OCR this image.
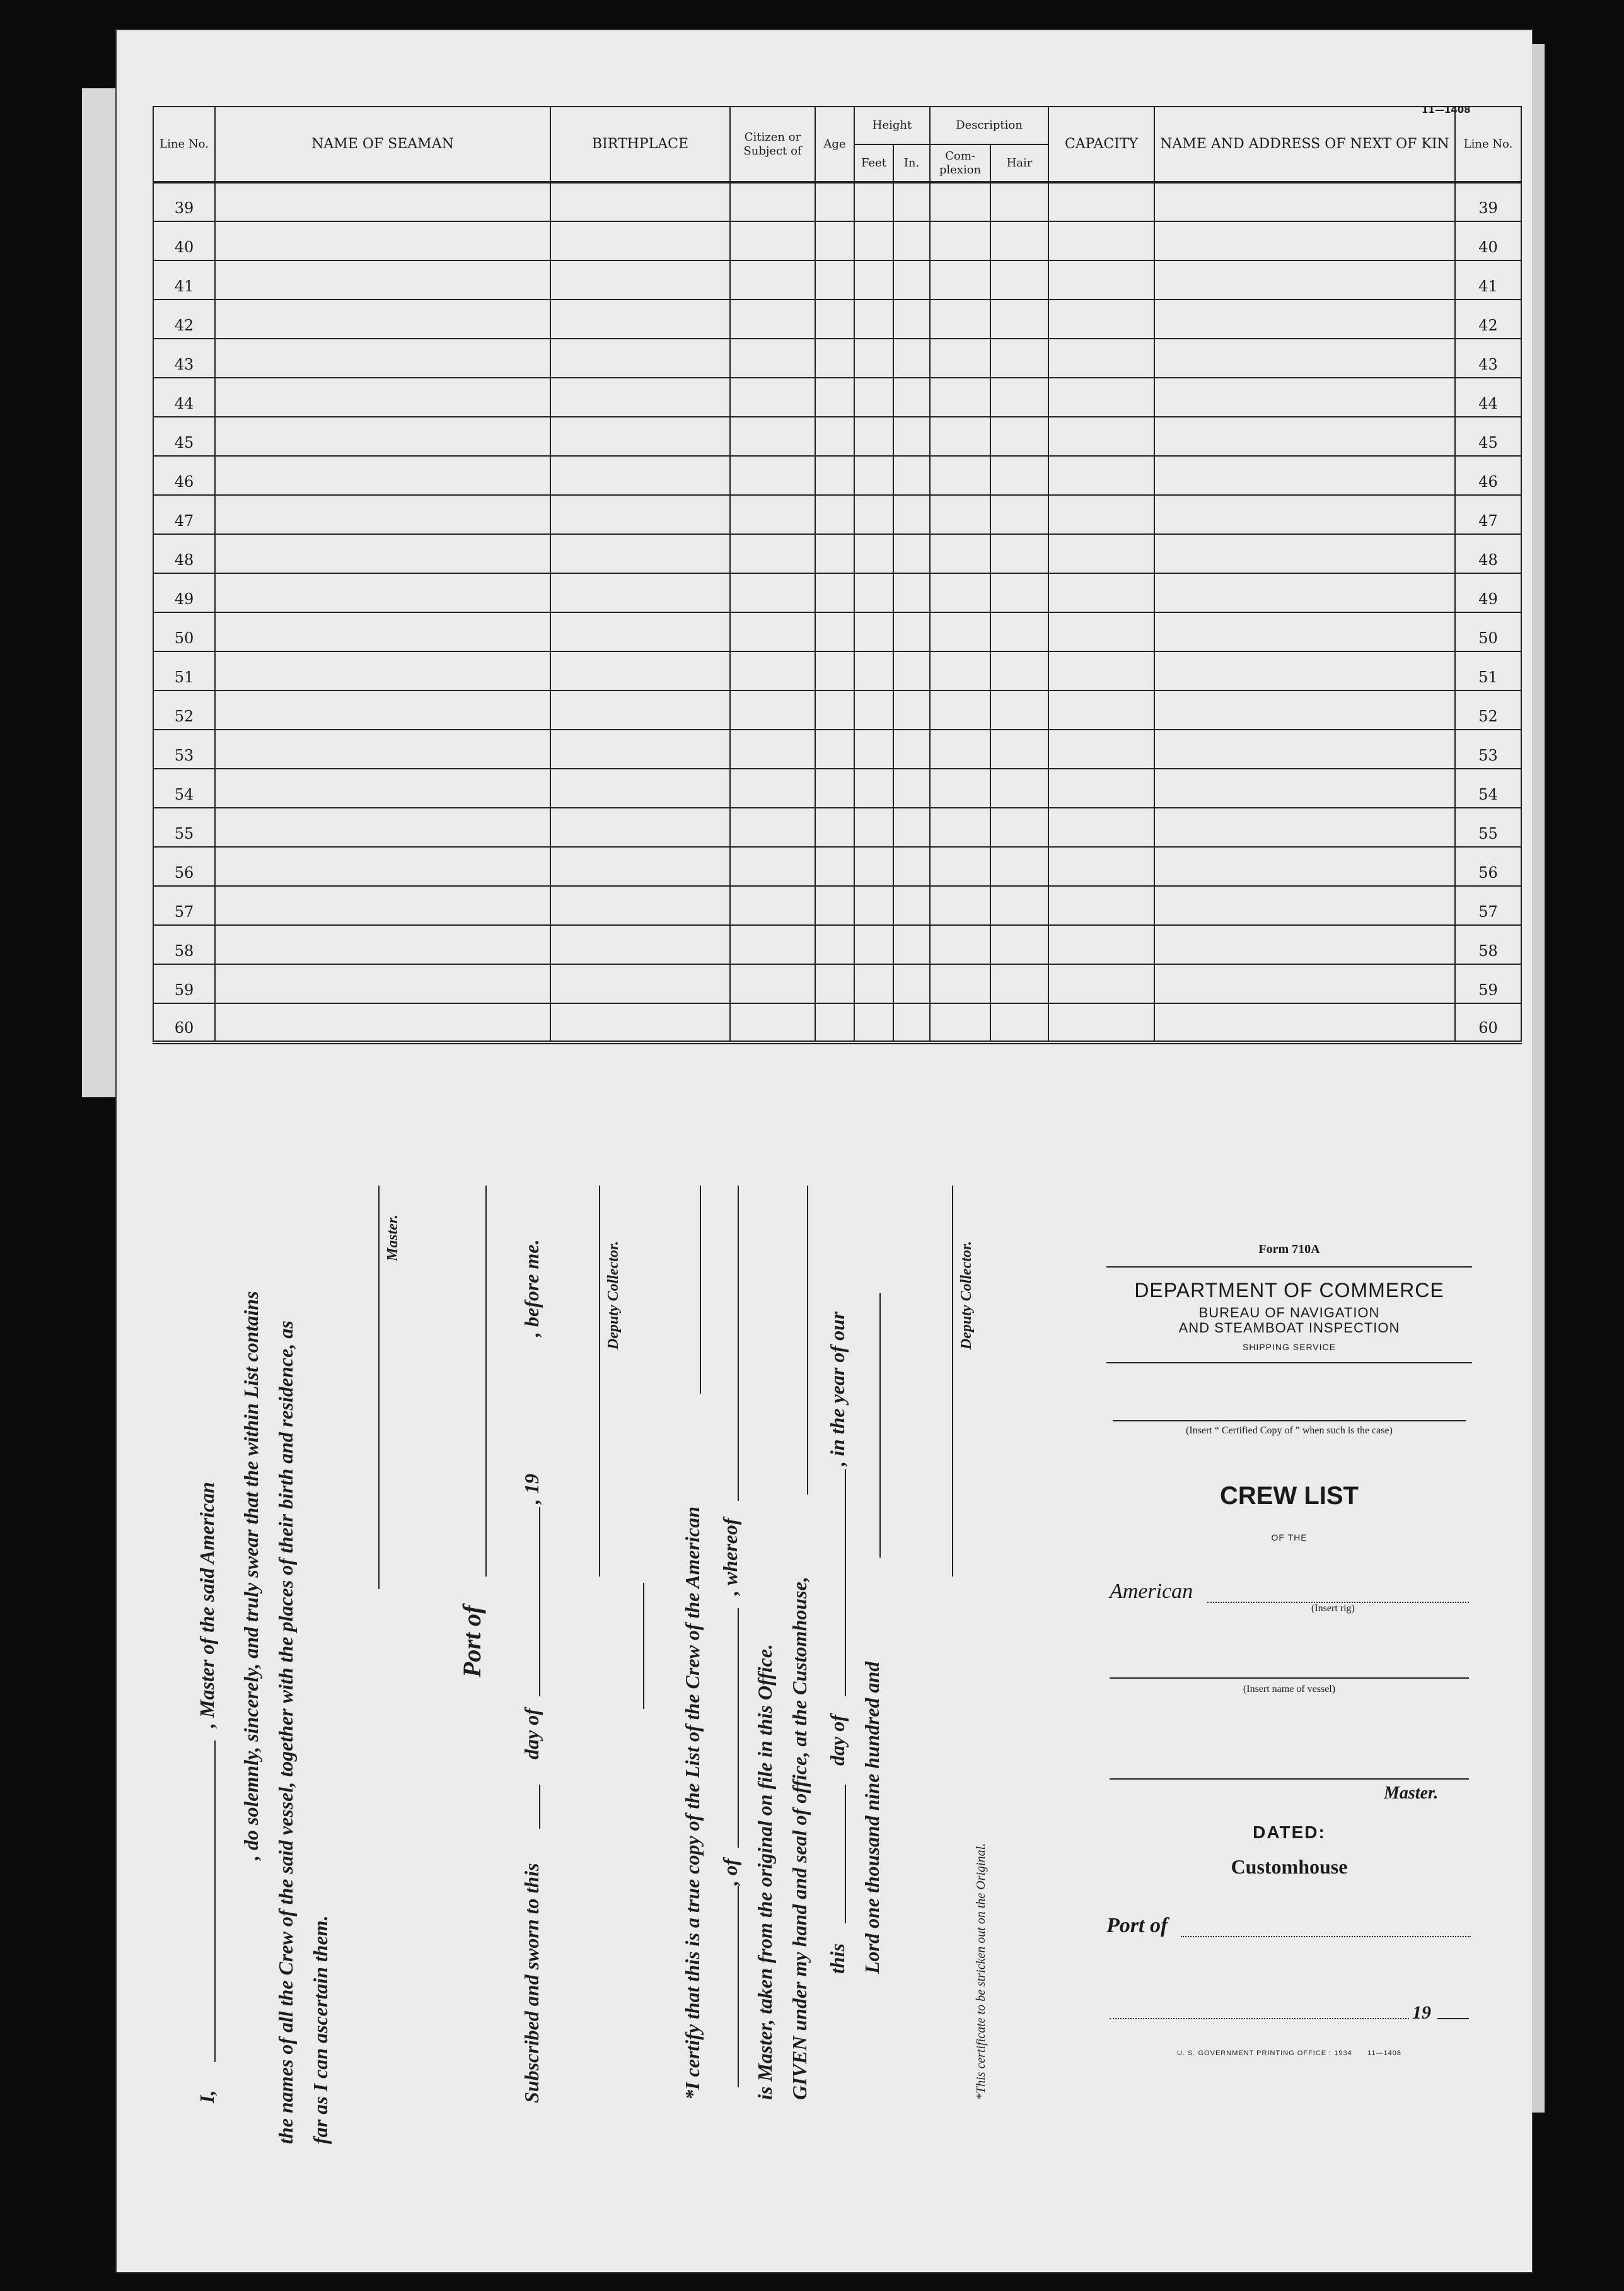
11—1408
Line No.	NAME OF SEAMAN	BIRTHPLACE	Citizen or Subject of	Age	Height		Description		CAPACITY	NAME AND ADDRESS OF NEXT OF KIN	Line No.
					Feet	In.	Com-plexion	Hair			
39											39
40											40
41											41
42											42
43											43
44											44
45											45
46											46
47											47
48											48
49											49
50											50
51											51
52											52
53											53
54											54
55											55
56											56
57											57
58											58
59											59
60											60
I,
, Master of the said American , do solemnly, sincerely, and truly swear that the within List contains the names of all the Crew of the said vessel, together with the places of their birth and residence, as far as I can ascertain them.
Master.
Port of
Subscribed and sworn to this
day of
, 19
, before me.	Deputy Collector.
*I certify that this is a true copy of the List of the Crew of the American , of
, whereof
is Master, taken from the original on file in this Office. GIVEN under my hand and seal of office, at the Customhouse, this
day of
, in the year of our
Lord one thousand nine hundred and
Deputy Collector.
*This certificate to be stricken out on the Original.
Form 710A
DEPARTMENT OF COMMERCE
BUREAU OF NAVIGATION
AND STEAMBOAT INSPECTION
SHIPPING SERVICE
(Insert “ Certified Copy of ” when such is the case)
CREW LIST
OF THE
American
(Insert rig)
(Insert name of vessel)
Master.
DATED:
Customhouse
Port of
19
U. S. GOVERNMENT PRINTING OFFICE : 1934 11—1408
